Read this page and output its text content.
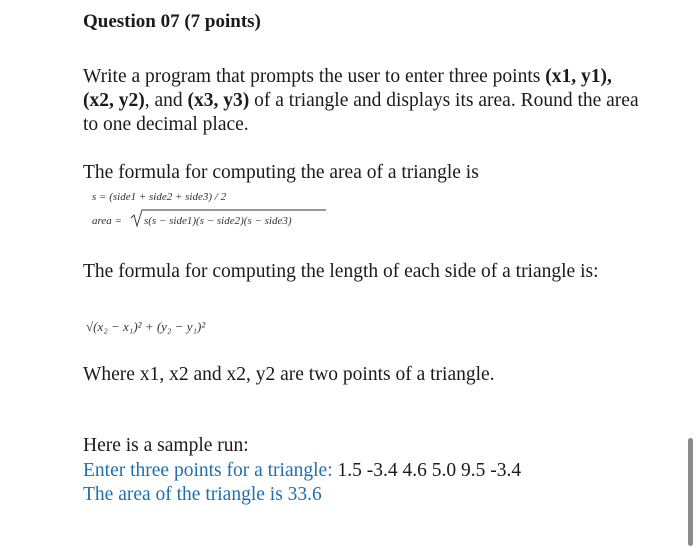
Question 07 (7 points)

Write a program that prompts the user to enter three points (x1, y1), (x2, y2), and (x3, y3) of a triangle and displays its area. Round the area to one decimal place.

The formula for computing the area of a triangle is

s = (side1 + side2 + side3) / 2
area = s(s − side1)(s − side2)(s − side3)

The formula for computing the length of each side of a triangle is:

√(x₂ − x₁)² + (y₂ − y₁)²

Where x1, x2 and x2, y2 are two points of a triangle.

Here is a sample run:

Enter three points for a triangle: 1.5 -3.4 4.6 5.0 9.5 -3.4

The area of the triangle is 33.6
